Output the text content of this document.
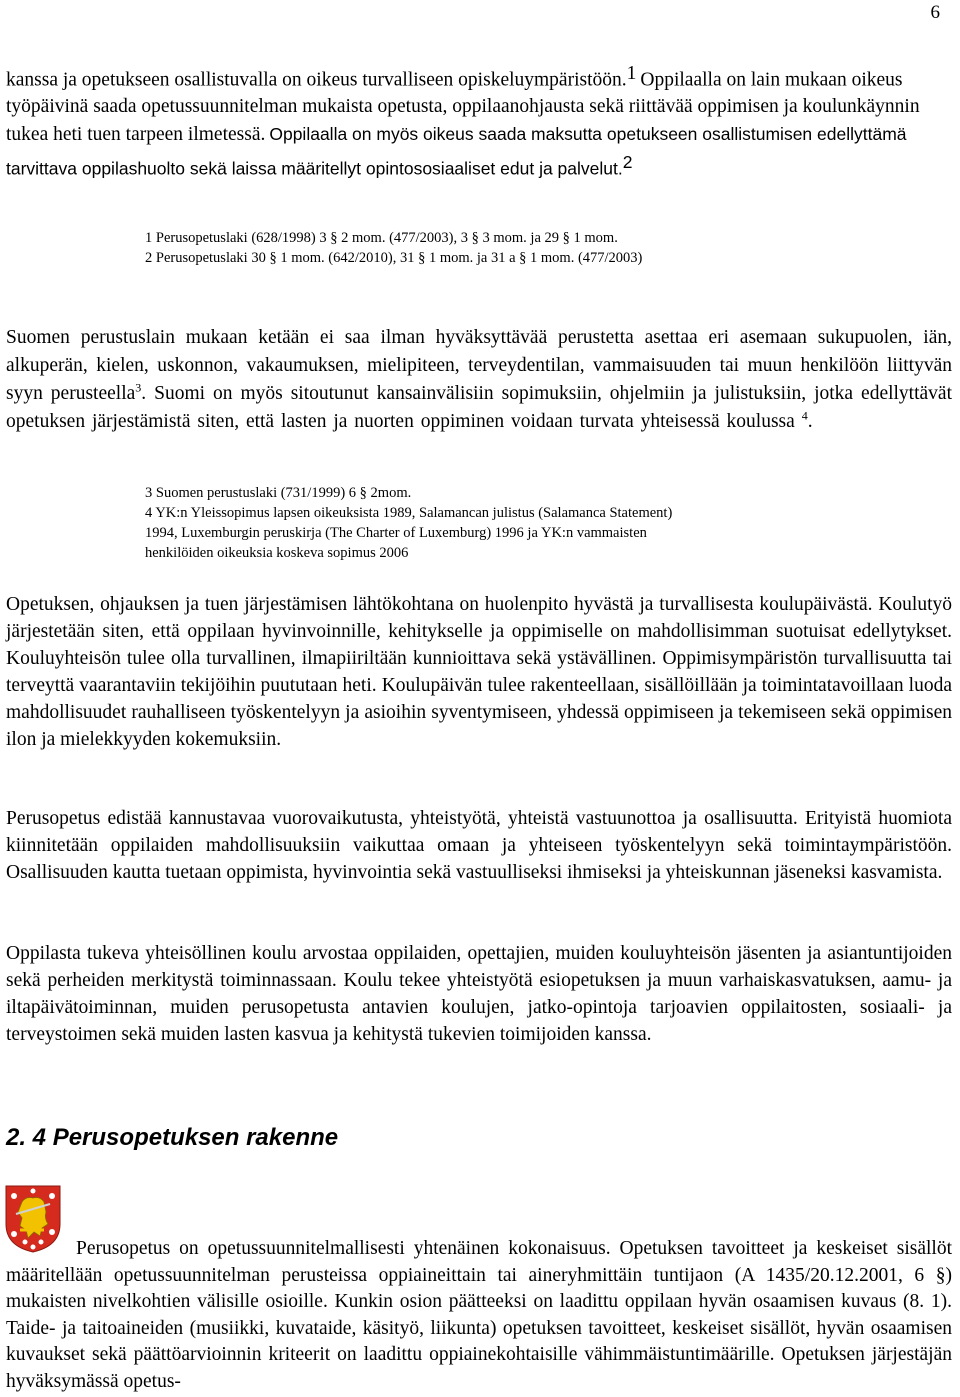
6

kanssa ja opetukseen osallistuvalla on oikeus turvalliseen opiskeluympäristöön.$^1$ Oppilaalla on lain mukaan oikeus työpäivinä saada opetussuunnitelman mukaista opetusta, oppilaanohjausta sekä riittävää oppimisen ja koulunkäynnin tukea heti tuen tarpeen ilmetessä. Oppilaalla on myös oikeus saada maksutta opetukseen osallistumisen edellyttämä tarvittava oppilashuolto sekä laissa määritellyt opintososiaaliset edut ja palvelut.$^2$

1 Perusopetuslaki (628/1998) 3 § 2 mom. (477/2003), 3 § 3 mom. ja 29 § 1 mom.
2 Perusopetuslaki 30 § 1 mom. (642/2010), 31 § 1 mom. ja 31 a § 1 mom. (477/2003)

Suomen perustuslain mukaan ketään ei saa ilman hyväksyttävää perustetta asettaa eri asemaan sukupuolen, iän, alkuperän, kielen, uskonnon, vakaumuksen, mielipiteen, terveydentilan, vammaisuuden tai muun henkilöön liittyvän syyn perusteella$^3$. Suomi on myös sitoutunut kansainvälisiin sopimuksiin, ohjelmiin ja julistuksiin, jotka edellyttävät opetuksen järjestämistä siten, että lasten ja nuorten oppiminen voidaan turvata yhteisessä koulussa $^4$.

3 Suomen perustuslaki (731/1999) 6 § 2mom.
4 YK:n Yleissopimus lapsen oikeuksista 1989, Salamancan julistus (Salamanca Statement)
1994, Luxemburgin peruskirja (The Charter of Luxemburg) 1996 ja YK:n vammaisten
henkilöiden oikeuksia koskeva sopimus 2006

Opetuksen, ohjauksen ja tuen järjestämisen lähtökohtana on huolenpito hyvästä ja turvallisesta koulupäivästä. Koulutyö järjestetään siten, että oppilaan hyvinvoinnille, kehitykselle ja oppimiselle on mahdollisimman suotuisat edellytykset. Kouluyhteisön tulee olla turvallinen, ilmapiiriltään kunnioittava sekä ystävällinen. Oppimisympäristön turvallisuutta tai terveyttä vaarantaviin tekijöihin puututaan heti. Koulupäivän tulee rakenteellaan, sisällöillään ja toimintatavoillaan luoda mahdollisuudet rauhalliseen työskentelyyn ja asioihin syventymiseen, yhdessä oppimiseen ja tekemiseen sekä oppimisen ilon ja mielekkyyden kokemuksiin.

Perusopetus edistää kannustavaa vuorovaikutusta, yhteistyötä, yhteistä vastuunottoa ja osallisuutta. Erityistä huomiota kiinnitetään oppilaiden mahdollisuuksiin vaikuttaa omaan ja yhteiseen työskentelyyn sekä toimintaympäristöön. Osallisuuden kautta tuetaan oppimista, hyvinvointia sekä vastuulliseksi ihmiseksi ja yhteiskunnan jäseneksi kasvamista.

Oppilasta tukeva yhteisöllinen koulu arvostaa oppilaiden, opettajien, muiden kouluyhteisön jäsenten ja asiantuntijoiden sekä perheiden merkitystä toiminnassaan. Koulu tekee yhteistyötä esiopetuksen ja muun varhaiskasvatuksen, aamu- ja iltapäivätoiminnan, muiden perusopetusta antavien koulujen, jatko-opintoja tarjoavien oppilaitosten, sosiaali- ja terveystoimen sekä muiden lasten kasvua ja kehitystä tukevien toimijoiden kanssa.

2. 4 Perusopetuksen rakenne

Perusopetus on opetussuunnitelmallisesti yhtenäinen kokonaisuus. Opetuksen tavoitteet ja keskeiset sisällöt määritellään opetussuunnitelman perusteissa oppiaineittain tai aineryhmittäin tuntijaon (A 1435/20.12.2001, 6 §) mukaisten nivelkohtien välisille osioille. Kunkin osion päätteeksi on laadittu oppilaan hyvän osaamisen kuvaus (8. 1). Taide- ja taitoaineiden (musiikki, kuvataide, käsityö, liikunta) opetuksen tavoitteet, keskeiset sisällöt, hyvän osaamisen kuvaukset sekä päättöarvioinnin kriteerit on laadittu oppiainekohtaisille vähimmäistuntimäärille. Opetuksen järjestäjän hyväksymässä opetus-
